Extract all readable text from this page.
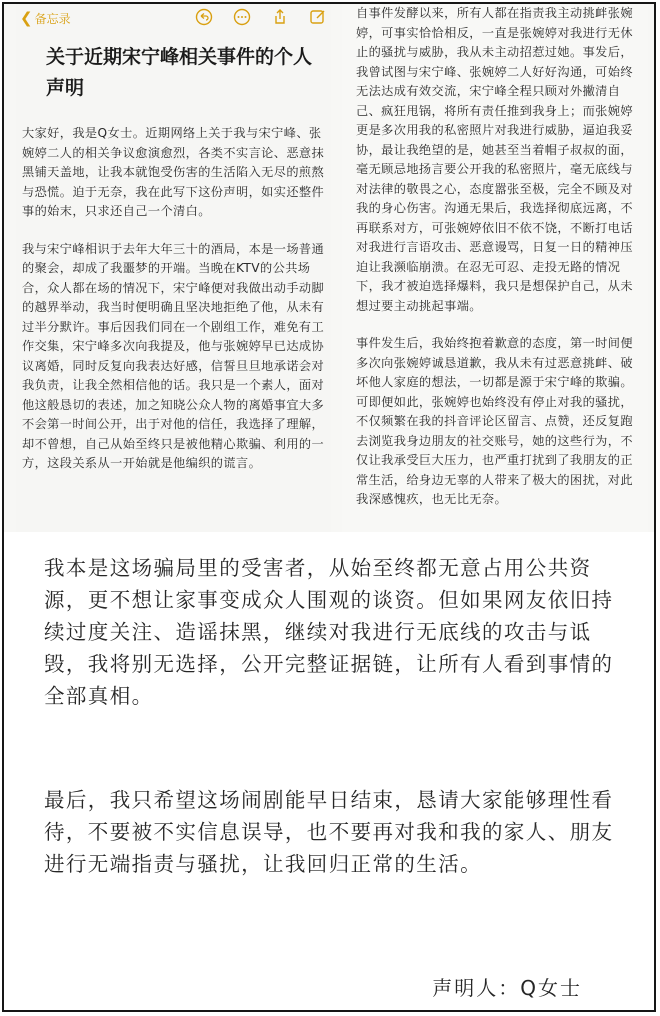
❮ 备忘录
关于近期宋宁峰相关事件的个人声明

大家好，我是Q女士。近期网络上关于我与宋宁峰、张婉婷二人的相关争议愈演愈烈，各类不实言论、恶意抹黑铺天盖地，让我本就饱受伤害的生活陷入无尽的煎熬与恐慌。迫于无奈，我在此写下这份声明，如实还整件事的始末，只求还自己一个清白。

我与宋宁峰相识于去年大年三十的酒局，本是一场普通的聚会，却成了我噩梦的开端。当晚在KTV的公共场合，众人都在场的情况下，宋宁峰便对我做出动手动脚的越界举动，我当时便明确且坚决地拒绝了他，从未有过半分默许。事后因我们同在一个剧组工作，难免有工作交集，宋宁峰多次向我提及，他与张婉婷早已达成协议离婚，同时反复向我表达好感，信誓旦旦地承诺会对我负责，让我全然相信他的话。我只是一个素人，面对他这般恳切的表述，加之知晓公众人物的离婚事宜大多不会第一时间公开，出于对他的信任，我选择了理解，却不曾想，自己从始至终只是被他精心欺骗、利用的一方，这段关系从一开始就是他编织的谎言。

自事件发酵以来，所有人都在指责我主动挑衅张婉婷，可事实恰恰相反，一直是张婉婷对我进行无休止的骚扰与威胁，我从未主动招惹过她。事发后，我曾试图与宋宁峰、张婉婷二人好好沟通，可始终无法达成有效交流，宋宁峰全程只顾对外撇清自己、疯狂甩锅，将所有责任推到我身上；而张婉婷更是多次用我的私密照片对我进行威胁，逼迫我妥协，最让我绝望的是，她甚至当着帽子叔叔的面，毫无顾忌地扬言要公开我的私密照片，毫无底线与对法律的敬畏之心，态度嚣张至极，完全不顾及对我的身心伤害。沟通无果后，我选择彻底远离，不再联系对方，可张婉婷依旧不依不饶，不断打电话对我进行言语攻击、恶意谩骂，日复一日的精神压迫让我濒临崩溃。在忍无可忍、走投无路的情况下，我才被迫选择爆料，我只是想保护自己，从未想过要主动挑起事端。

事件发生后，我始终抱着歉意的态度，第一时间便多次向张婉婷诚恳道歉，我从未有过恶意挑衅、破坏他人家庭的想法，一切都是源于宋宁峰的欺骗。可即便如此，张婉婷也始终没有停止对我的骚扰，不仅频繁在我的抖音评论区留言、点赞，还反复跑去浏览我身边朋友的社交账号，她的这些行为，不仅让我承受巨大压力，也严重打扰到了我朋友的正常生活，给身边无辜的人带来了极大的困扰，对此我深感愧疚，也无比无奈。

我本是这场骗局里的受害者，从始至终都无意占用公共资源，更不想让家事变成众人围观的谈资。但如果网友依旧持续过度关注、造谣抹黑，继续对我进行无底线的攻击与诋毁，我将别无选择，公开完整证据链，让所有人看到事情的全部真相。

最后，我只希望这场闹剧能早日结束，恳请大家能够理性看待，不要被不实信息误导，也不要再对我和我的家人、朋友进行无端指责与骚扰，让我回归正常的生活。

声明人：Q女士
